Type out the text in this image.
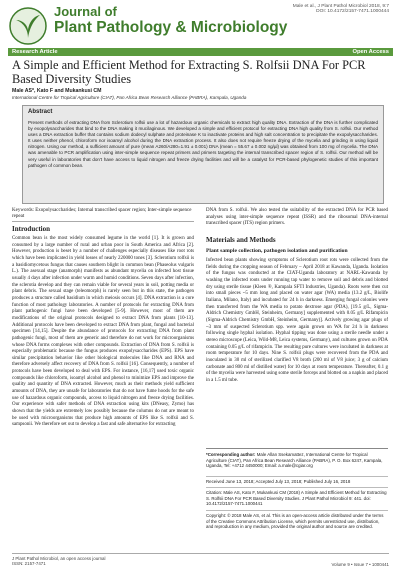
Journal of
Plant Pathology & Microbiology
Male et al., J Plant Pathol Microbiol 2018, 9:7
DOI: 10.4172/2157-7471.1000444
Research Article	Open Access
A Simple and Efficient Method for Extracting S. Rolfsii DNA For PCR
Based Diversity Studies
Male AS*, Kato F and Mukankusi CM
International Centre for Tropical Agriculture (CIAT), Pan Africa Bean Research Alliance (PABRA), Kampala, Uganda
Abstract
Present methods of extracting DNA from Sclerotium rolfsii use a lot of hazardous organic chemicals to extract high quality DNA. Extraction of the DNA is further complicated by exopolysaccharides that bind to the DNA making it mucilaginous. We developed a simple and efficient protocol for extracting DNA high quality from S. rolfsii. Our method uses a DNA extraction buffer that contains sodium dodecyl sulphate and proteinase K to inactivate proteins and high salt concentration to precipitate the exopolysaccharides. It uses neither phenol, chloroform nor isoamyl alcohol during the DNA extraction process. It also does not require freeze drying of the mycelia and grinding in using liquid nitrogen. Using our method, a sufficient amount of pure (mean A260/A280=1.91 ± 0.001) DNA (mean = 55.67 ± 0.002 ng/µl) was obtained from 100 mg of mycelia. The DNA was amenable to PCR amplification using inter-simple sequence repeat primers and primers targeting the internal transcribed spacer region of S. rolfsii. Our method will be very useful in laboratories that don't have access to liquid nitrogen and freeze drying facilities and will be a catalyst for PCR-based phylogenetic studies of this important pathogen of common bean.
Keywords: Exopolysaccharides; Internal transcribed spacer region; Inter-simple sequence repeat
Introduction
Common bean is the most widely consumed legume in the world [1]. It is grown and consumed by a large number of rural and urban poor in South America and Africa [2]. However, production is beset by a number of challenges especially diseases like root rots which have been implicated in yield losses of nearly 220000 tones [3]. Sclerotium rolfsii is a basidiomycetous fungus that causes southern blight in common bean (Phaseolus vulgaris L.). The asexual stage (anamorph) manifests as abundant mycelia on infected host tissue usually 4 days after infection under warm and humid conditions. Seven days after infection, the sclerotia develop and they can remain viable for several years in soil, potting media or plant debris. The sexual stage (teleomorph) is rarely seen but in this state, the pathogen produces a structure called basidium in which meiosis occurs [4]. DNA extraction is a core function of most pathology laboratories. A number of protocols for extracting DNA from plant pathogenic fungi have been developed [5-9]. However, most of them are modifications of the original protocols designed to extract DNA from plants [10-13]. Additional protocols have been developed to extract DNA from plant, fungal and bacterial specimen [14,15]. Despite the abundance of protocols for extracting DNA from plant pathogenic fungi, most of them are generic and therefore do not work for microorganisms whose DNA forms complexes with other compounds. Extraction of DNA from S. rolfsii is especially problematic because the fungus produces exopolysaccharides (EPS). EPS have similar precipitation behavior like other biological molecules like DNA and RNA and therefore adversely affect recovery of DNA from S. rolfsii [16]. Consequently, a number of protocols have been developed to deal with EPS. For instance, [16,17] used toxic organic compounds like chloroform, isoamyl alcohol and phenol to minimize EPS and improve the quality and quantity of DNA extracted. However, much as their methods yield sufficient amounts of DNA, they are unsafe for laboratories that do not have fume hoods for the safe use of hazardous organic compounds, access to liquid nitrogen and freeze drying facilities. Our experience with safer methods of DNA extraction using kits (DNeasy, Zymo) has shown that the yields are extremely low possibly because the columns do not are meant to be used with microorganisms that produce high amounts of EPS like S. rolfsii and S. sampsonii. We therefore set out to develop a fast and safe alternative for extracting
DNA from S. rolfsii. We also tested the suitability of the extracted DNA for PCR based analyses using inter-simple sequence repeat (ISSR) and the ribosomal DNA-internal transcribed spacer (ITS) region primers.
Materials and Methods
Plant sample collection, pathogen isolation and purification
Infected bean plants showing symptoms of Sclerotium root rots were collected from the fields during the cropping season of February – April 2018 at Kawanda, Uganda. Isolation of the fungus was conducted at the CIAT-Uganda laboratory at NARL-Kawanda by washing the infected roots under running tap water to remove soil and debris and blotted dry using sterile tissue (Kleen ®, Kampala SFTI Industries, Uganda). Roots were then cut into small pieces ~5 mm long and placed on water agar (WA) media (13.2 g/L, Biolife Italiana, Milano, Italy) and incubated for 24 h in darkness. Emerging fungal colonies were then transferred from the WA media to potato dextrose agar (PDA), [19.5 g/L, Sigma-Aldrich Chemistry GmbH, Steinheim, Germany] supplemented with 0.05 g/L Rifampicin (Sigma-Aldrich Chemistry GmbH, Steinheim, Germany)]. Actively growing agar plugs of ~3 mm of suspected Sclerotium spp. were again grown on WA for 24 h in darkness following single hyphal isolation. Hyphal tipping was done using a sterile needle under a stereo microscope (Leica, Wild-M8, Leica systems, Germany), and cultures grown on PDA containing 0.05 g/L of rifampicin. The resulting pure cultures were incubated in darkness at room temperature for 10 days. Nine S. rolfsii plugs were recovered from the PDA and inoculated in 30 ml of sterilized clarified V8 broth (200 ml of V8 juice; 3 g of calcium carbonate and 800 ml of distilled water) for 10 days at room temperature. Thereafter, 0.1 g of the mycelia were harvested using some sterile forceps and blotted on a napkin and placed in a 1.5 ml tube.
*Corresponding author: Male Allan Ssekamattez, International Centre for Tropical Agriculture (CIAT), Pan Africa Bean Research Alliance (PABRA), P. O. Box 6247, Kampala, Uganda, Tel: +4712 4450000; Email: a.male@cgiar.org
Received June 13, 2018; Accepted July 13, 2018; Published July 16, 2018
Citation: Male AS, Kato F, Mukankusi CM (2018) A Simple and Efficient Method for Extracting S. Rolfsii DNA For PCR Based Diversity Studies. J Plant Pathol Microbiol 9: 441. doi: 10.4172/2157-7471.1000441
Copyright: © 2018 Male AS, et al. This is an open-access article distributed under the terms of the Creative Commons Attribution License, which permits unrestricted use, distribution, and reproduction in any medium, provided the original author and source are credited.
J Plant Pathol Microbiol, an open access journal
ISSN: 2157-7471	Volume 9 • Issue 7 • 1000441
